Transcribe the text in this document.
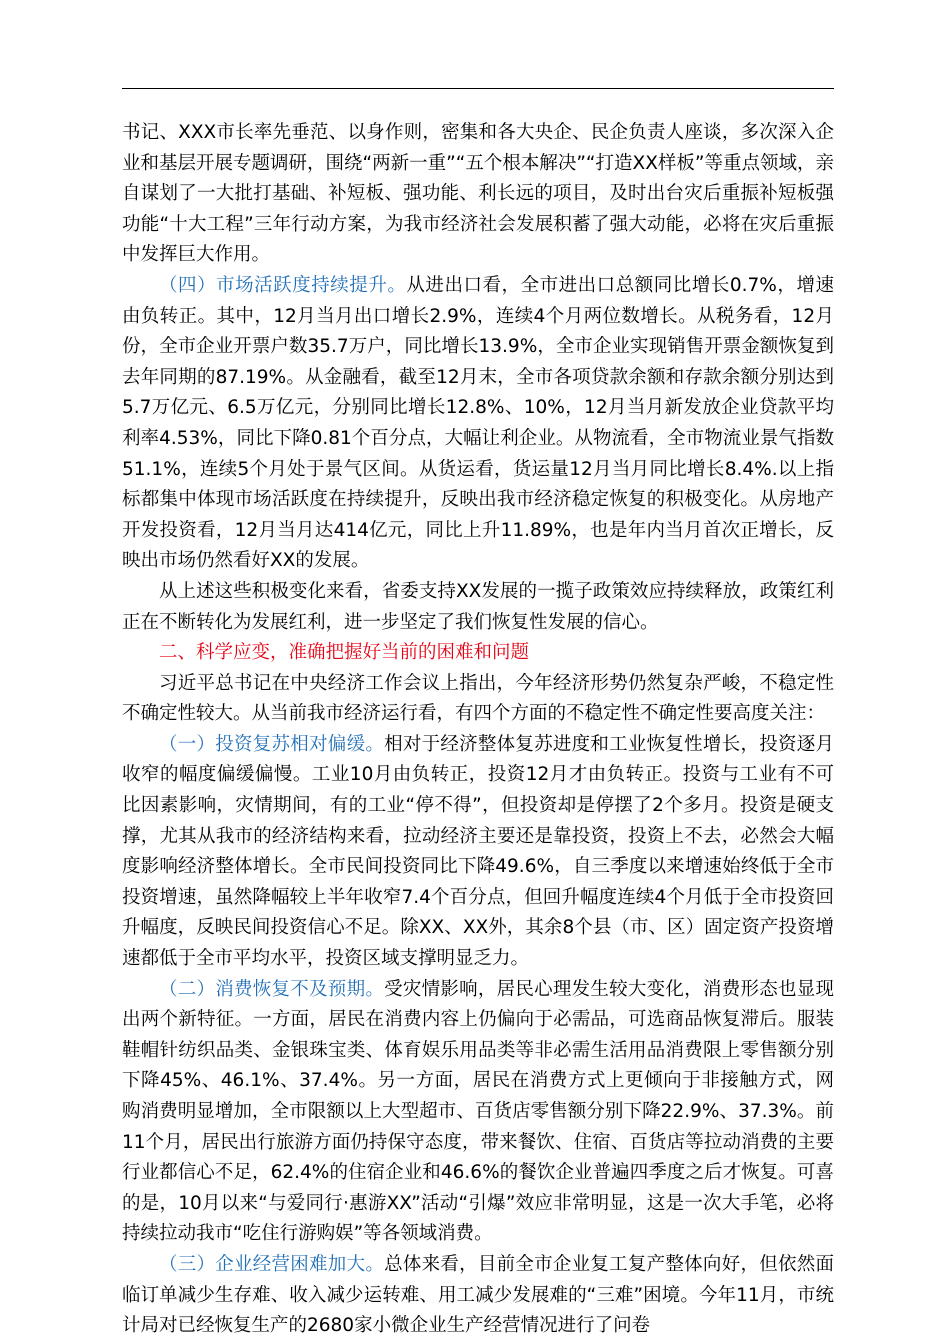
书记、XXX市长率先垂范、以身作则，密集和各大央企、民企负责人座谈，多次深入企业和基层开展专题调研，围绕“两新一重”“五个根本解决”“打造XX样板”等重点领域，亲自谋划了一大批打基础、补短板、强功能、利长远的项目，及时出台灾后重振补短板强功能“十大工程”三年行动方案，为我市经济社会发展积蓄了强大动能，必将在灾后重振中发挥巨大作用。

（四）市场活跃度持续提升。从进出口看，全市进出口总额同比增长0.7%，增速由负转正。其中，12月当月出口增长2.9%，连续4个月两位数增长。从税务看，12月份，全市企业开票户数35.7万户，同比增长13.9%，全市企业实现销售开票金额恢复到去年同期的87.19%。从金融看，截至12月末，全市各项贷款余额和存款余额分别达到5.7万亿元、6.5万亿元，分别同比增长12.8%、10%，12月当月新发放企业贷款平均利率4.53%，同比下降0.81个百分点，大幅让利企业。从物流看，全市物流业景气指数51.1%，连续5个月处于景气区间。从货运看，货运量12月当月同比增长8.4%.以上指标都集中体现市场活跃度在持续提升，反映出我市经济稳定恢复的积极变化。从房地产开发投资看，12月当月达414亿元，同比上升11.89%，也是年内当月首次正增长，反映出市场仍然看好XX的发展。

从上述这些积极变化来看，省委支持XX发展的一揽子政策效应持续释放，政策红利正在不断转化为发展红利，进一步坚定了我们恢复性发展的信心。

二、科学应变，准确把握好当前的困难和问题

习近平总书记在中央经济工作会议上指出，今年经济形势仍然复杂严峻，不稳定性不确定性较大。从当前我市经济运行看，有四个方面的不稳定性不确定性要高度关注：

（一）投资复苏相对偏缓。相对于经济整体复苏进度和工业恢复性增长，投资逐月收窄的幅度偏缓偏慢。工业10月由负转正，投资12月才由负转正。投资与工业有不可比因素影响，灾情期间，有的工业“停不得”，但投资却是停摆了2个多月。投资是硬支撑，尤其从我市的经济结构来看，拉动经济主要还是靠投资，投资上不去，必然会大幅度影响经济整体增长。全市民间投资同比下降49.6%，自三季度以来增速始终低于全市投资增速，虽然降幅较上半年收窄7.4个百分点，但回升幅度连续4个月低于全市投资回升幅度，反映民间投资信心不足。除XX、XX外，其余8个县（市、区）固定资产投资增速都低于全市平均水平，投资区域支撑明显乏力。

（二）消费恢复不及预期。受灾情影响，居民心理发生较大变化，消费形态也显现出两个新特征。一方面，居民在消费内容上仍偏向于必需品，可选商品恢复滞后。服装鞋帽针纺织品类、金银珠宝类、体育娱乐用品类等非必需生活用品消费限上零售额分别下降45%、46.1%、37.4%。另一方面，居民在消费方式上更倾向于非接触方式，网购消费明显增加，全市限额以上大型超市、百货店零售额分别下降22.9%、37.3%。前11个月，居民出行旅游方面仍持保守态度，带来餐饮、住宿、百货店等拉动消费的主要行业都信心不足，62.4%的住宿企业和46.6%的餐饮企业普遍四季度之后才恢复。可喜的是，10月以来“与爱同行·惠游XX”活动“引爆”效应非常明显，这是一次大手笔，必将持续拉动我市“吃住行游购娱”等各领域消费。

（三）企业经营困难加大。总体来看，目前全市企业复工复产整体向好，但依然面临订单减少生存难、收入减少运转难、用工减少发展难的“三难”困境。今年11月，市统计局对已经恢复生产的2680家小微企业生产经营情况进行了问卷
